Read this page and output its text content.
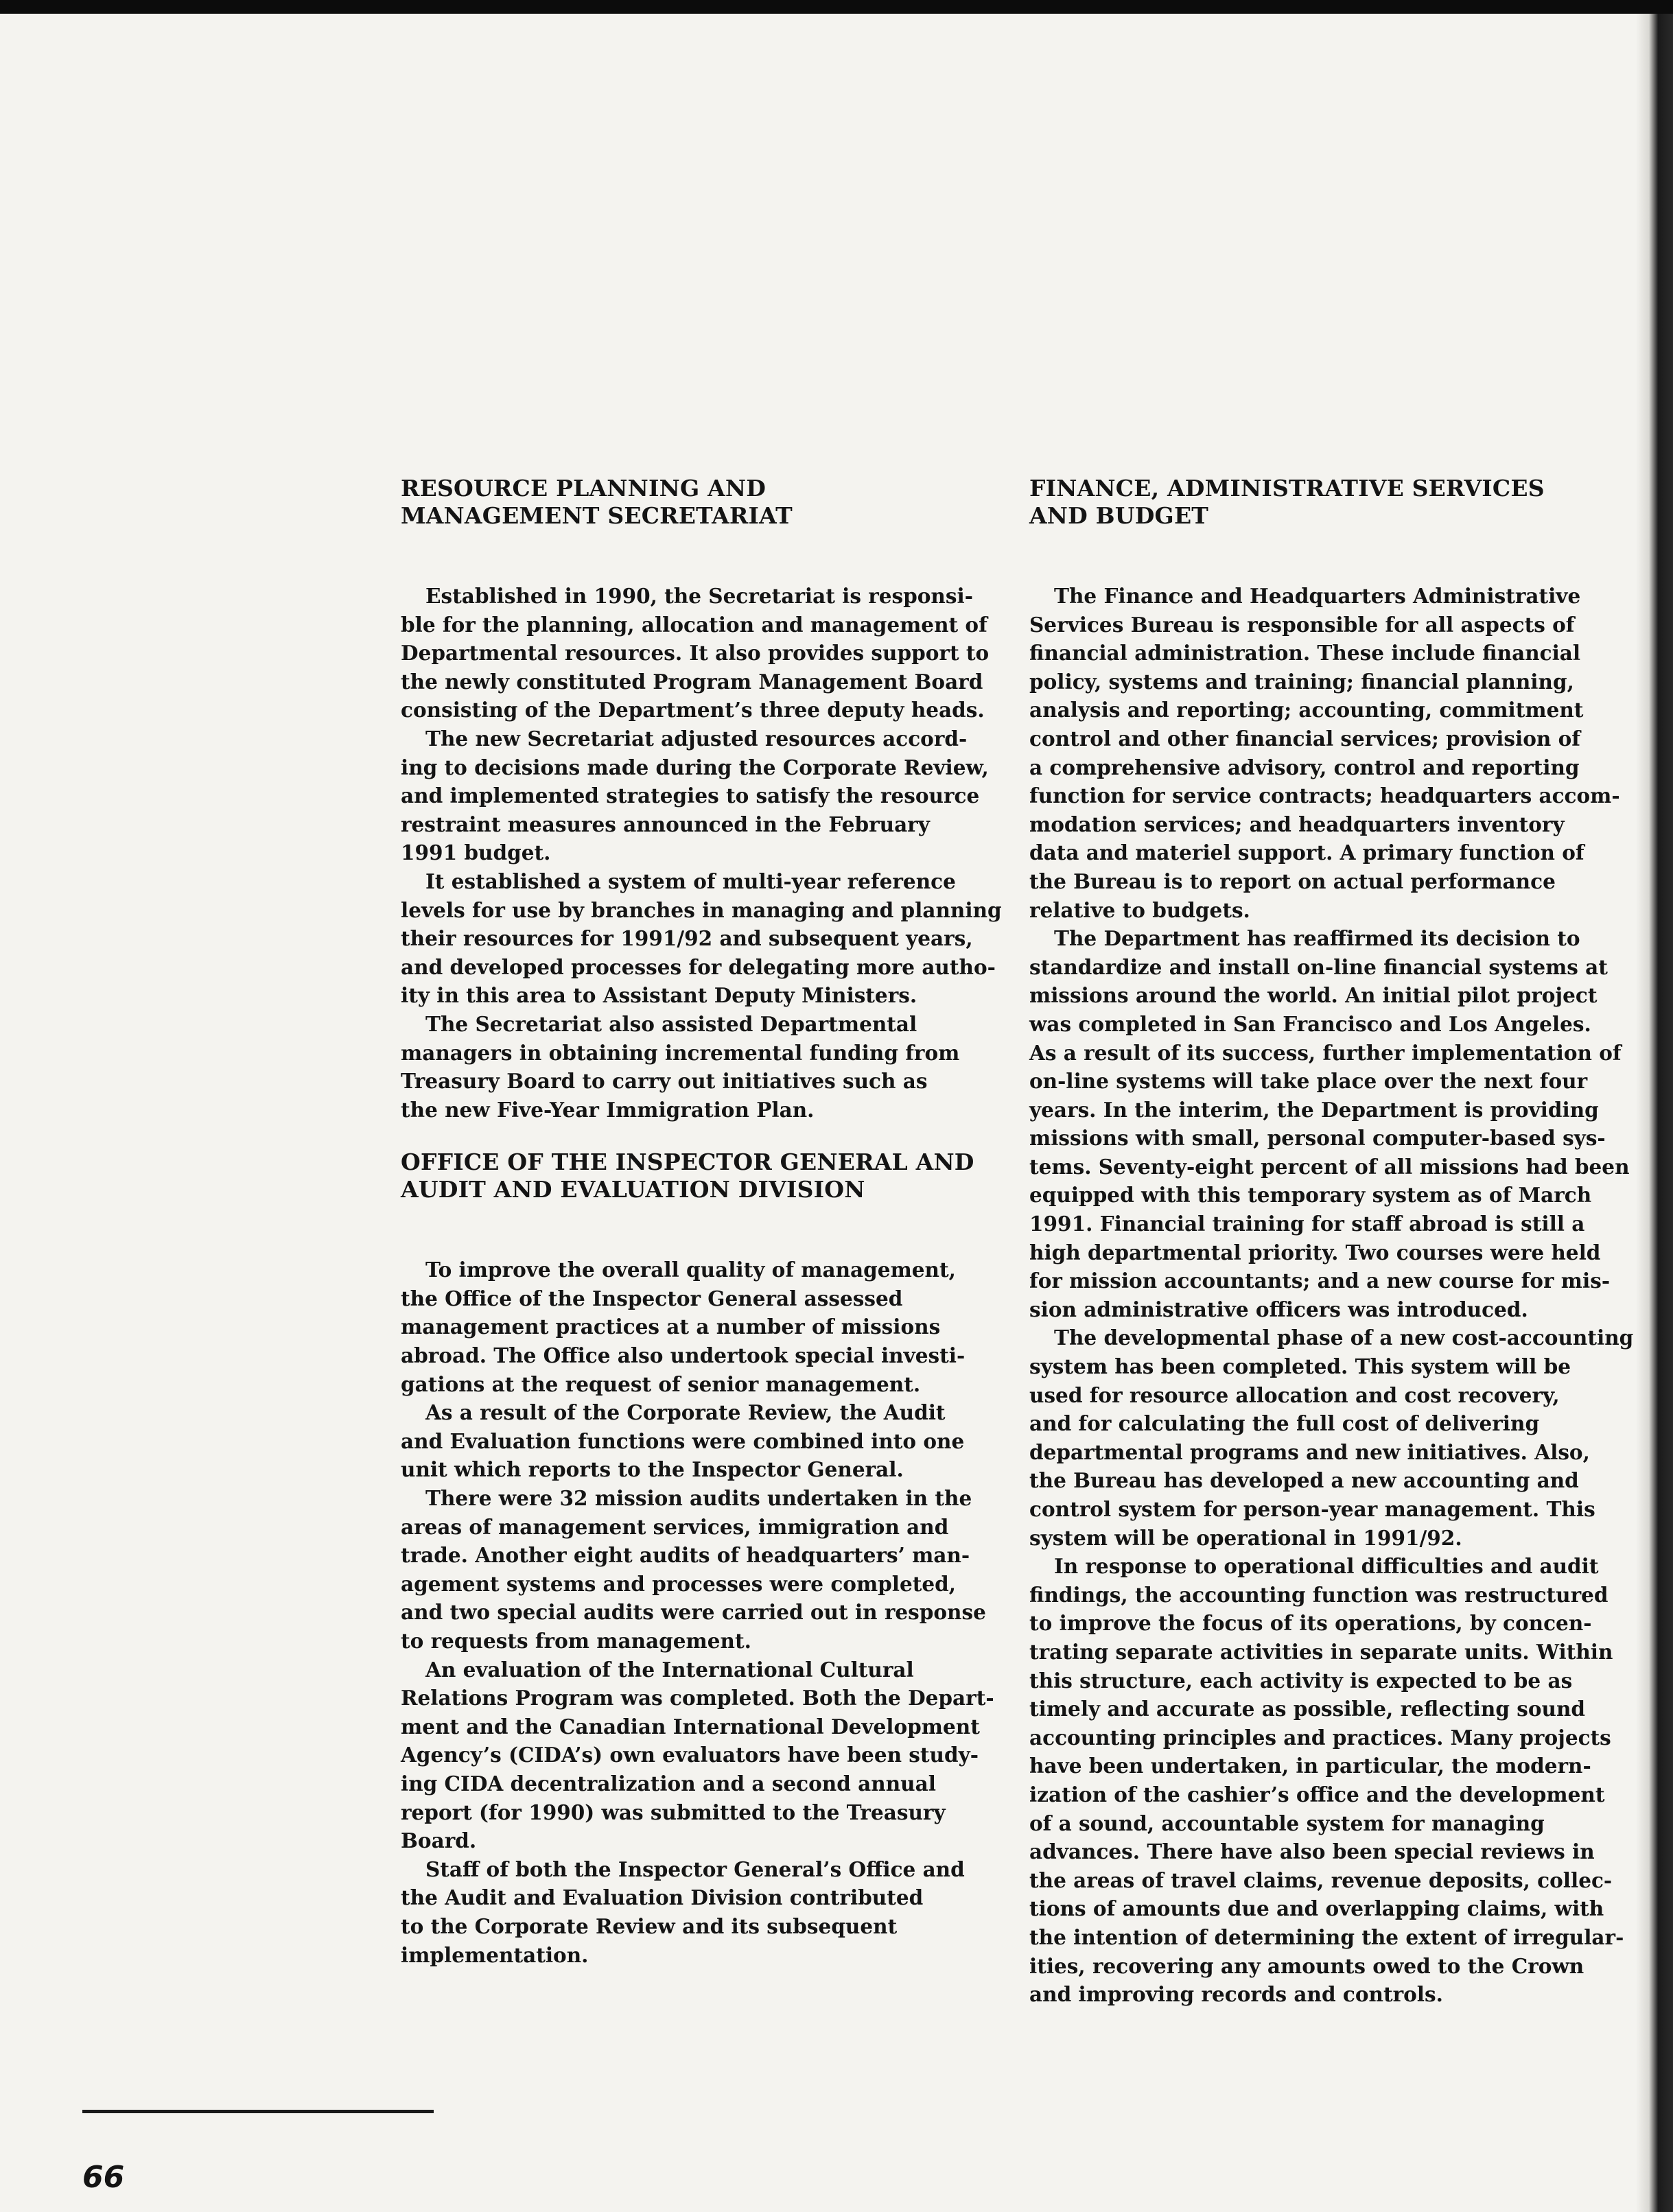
RESOURCE PLANNING AND
MANAGEMENT SECRETARIAT

Established in 1990, the Secretariat is responsi-
ble for the planning, allocation and management of
Departmental resources. It also provides support to
the newly constituted Program Management Board
consisting of the Department’s three deputy heads.

The new Secretariat adjusted resources accord-
ing to decisions made during the Corporate Review,
and implemented strategies to satisfy the resource
restraint measures announced in the February
1991 budget.

It established a system of multi-year reference
levels for use by branches in managing and planning
their resources for 1991/92 and subsequent years,
and developed processes for delegating more autho-
ity in this area to Assistant Deputy Ministers.

The Secretariat also assisted Departmental
managers in obtaining incremental funding from
Treasury Board to carry out initiatives such as
the new Five-Year Immigration Plan.

OFFICE OF THE INSPECTOR GENERAL AND
AUDIT AND EVALUATION DIVISION

To improve the overall quality of management,
the Office of the Inspector General assessed
management practices at a number of missions
abroad. The Office also undertook special investi-
gations at the request of senior management.

As a result of the Corporate Review, the Audit
and Evaluation functions were combined into one
unit which reports to the Inspector General.

There were 32 mission audits undertaken in the
areas of management services, immigration and
trade. Another eight audits of headquarters’ man-
agement systems and processes were completed,
and two special audits were carried out in response
to requests from management.

An evaluation of the International Cultural
Relations Program was completed. Both the Depart-
ment and the Canadian International Development
Agency’s (CIDA’s) own evaluators have been study-
ing CIDA decentralization and a second annual
report (for 1990) was submitted to the Treasury
Board.

Staff of both the Inspector General’s Office and
the Audit and Evaluation Division contributed
to the Corporate Review and its subsequent
implementation.

FINANCE, ADMINISTRATIVE SERVICES
AND BUDGET

The Finance and Headquarters Administrative
Services Bureau is responsible for all aspects of
financial administration. These include financial
policy, systems and training; financial planning,
analysis and reporting; accounting, commitment
control and other financial services; provision of
a comprehensive advisory, control and reporting
function for service contracts; headquarters accom-
modation services; and headquarters inventory
data and materiel support. A primary function of
the Bureau is to report on actual performance
relative to budgets.

The Department has reaffirmed its decision to
standardize and install on-line financial systems at
missions around the world. An initial pilot project
was completed in San Francisco and Los Angeles.
As a result of its success, further implementation of
on-line systems will take place over the next four
years. In the interim, the Department is providing
missions with small, personal computer-based sys-
tems. Seventy-eight percent of all missions had been
equipped with this temporary system as of March
1991. Financial training for staff abroad is still a
high departmental priority. Two courses were held
for mission accountants; and a new course for mis-
sion administrative officers was introduced.

The developmental phase of a new cost-accounting
system has been completed. This system will be
used for resource allocation and cost recovery,
and for calculating the full cost of delivering
departmental programs and new initiatives. Also,
the Bureau has developed a new accounting and
control system for person-year management. This
system will be operational in 1991/92.

In response to operational difficulties and audit
findings, the accounting function was restructured
to improve the focus of its operations, by concen-
trating separate activities in separate units. Within
this structure, each activity is expected to be as
timely and accurate as possible, reflecting sound
accounting principles and practices. Many projects
have been undertaken, in particular, the modern-
ization of the cashier’s office and the development
of a sound, accountable system for managing
advances. There have also been special reviews in
the areas of travel claims, revenue deposits, collec-
tions of amounts due and overlapping claims, with
the intention of determining the extent of irregular-
ities, recovering any amounts owed to the Crown
and improving records and controls.

66
